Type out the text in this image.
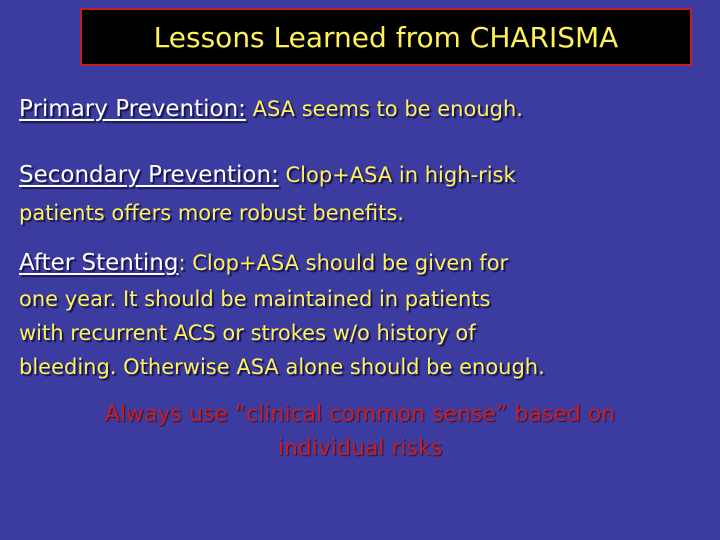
Lessons Learned from CHARISMA
Primary Prevention: ASA seems to be enough.
Secondary Prevention: Clop+ASA in high-risk
patients offers more robust benefits.
After Stenting: Clop+ASA should be given for
one year. It should be maintained in patients
with recurrent ACS or strokes w/o history of
bleeding. Otherwise ASA alone should be enough.
Always use “clinical common sense” based on
individual risks
